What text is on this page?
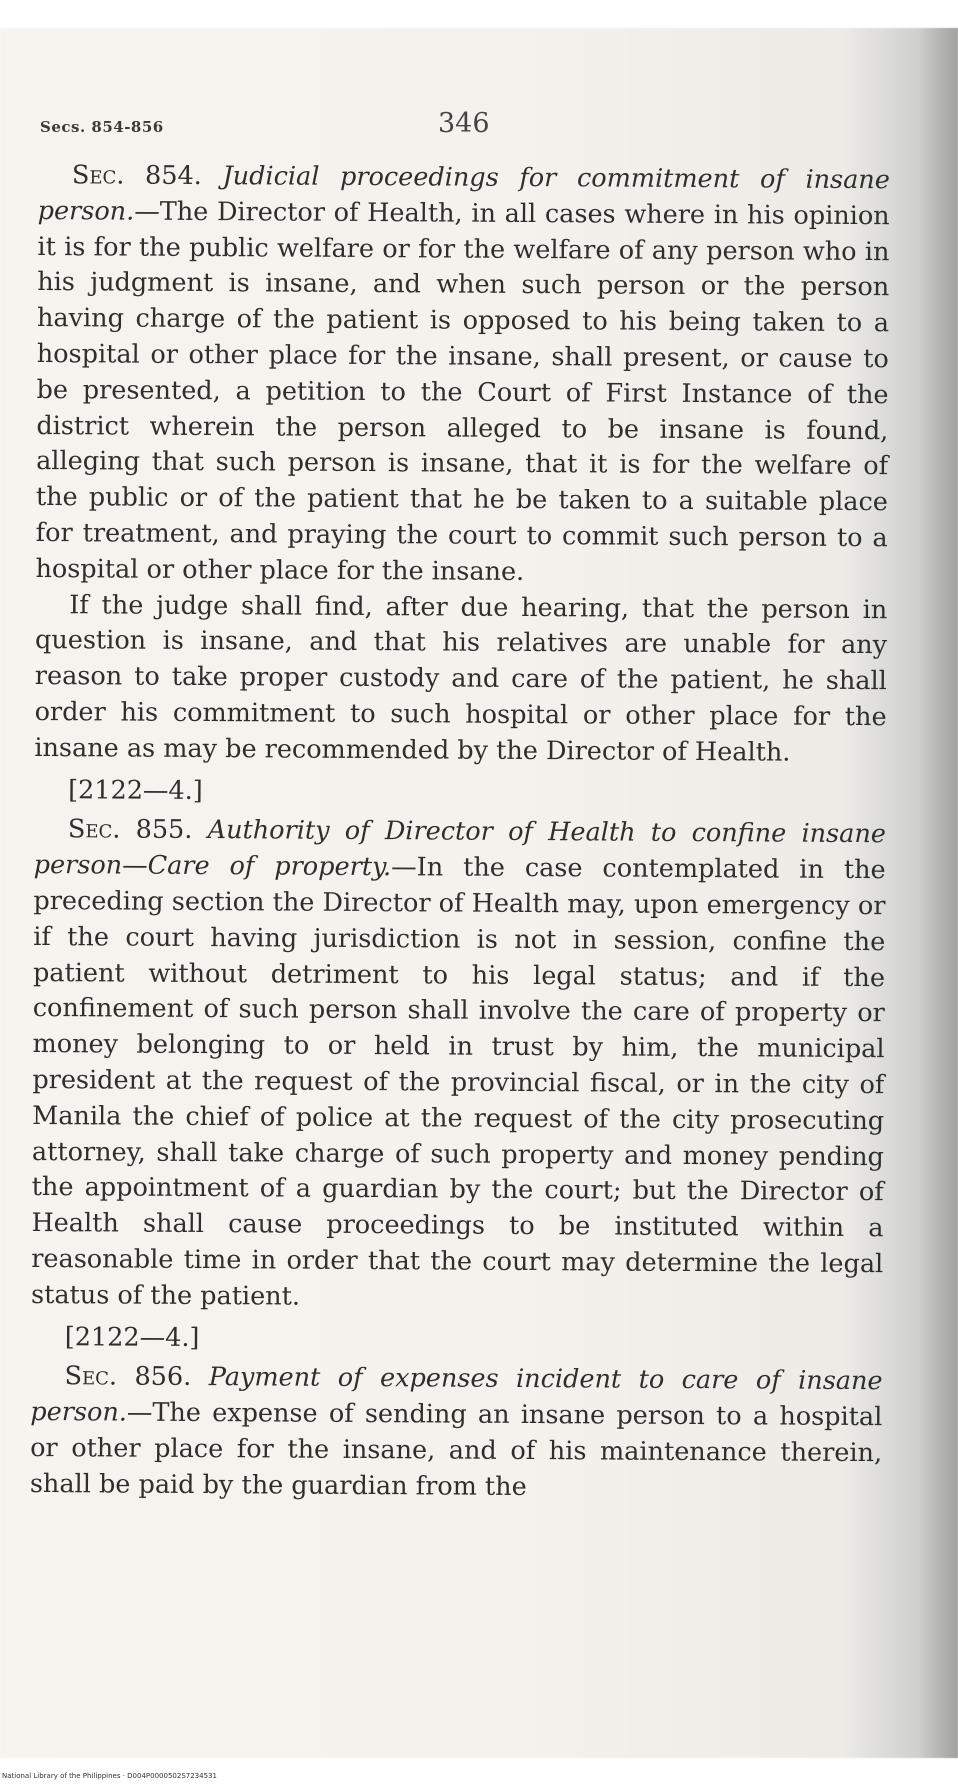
Secs. 854-856	346

Sec. 854. Judicial proceedings for commitment of insane person.—The Director of Health, in all cases where in his opinion it is for the public welfare or for the welfare of any person who in his judgment is insane, and when such person or the person having charge of the patient is opposed to his being taken to a hospital or other place for the insane, shall present, or cause to be presented, a petition to the Court of First Instance of the district wherein the person alleged to be insane is found, alleging that such person is insane, that it is for the welfare of the public or of the patient that he be taken to a suitable place for treatment, and praying the court to commit such person to a hospital or other place for the insane.

If the judge shall find, after due hearing, that the person in question is insane, and that his relatives are unable for any reason to take proper custody and care of the patient, he shall order his commitment to such hospital or other place for the insane as may be recommended by the Director of Health.

[2122—4.]

Sec. 855. Authority of Director of Health to confine insane person—Care of property.—In the case contemplated in the preceding section the Director of Health may, upon emergency or if the court having jurisdiction is not in session, confine the patient without detriment to his legal status; and if the confinement of such person shall involve the care of property or money belonging to or held in trust by him, the municipal president at the request of the provincial fiscal, or in the city of Manila the chief of police at the request of the city prosecuting attorney, shall take charge of such property and money pending the appointment of a guardian by the court; but the Director of Health shall cause proceedings to be instituted within a reasonable time in order that the court may determine the legal status of the patient.

[2122—4.]

Sec. 856. Payment of expenses incident to care of insane person.—The expense of sending an insane person to a hospital or other place for the insane, and of his maintenance therein, shall be paid by the guardian from the

National Library of the Philippines · D004P0000502S7234531
